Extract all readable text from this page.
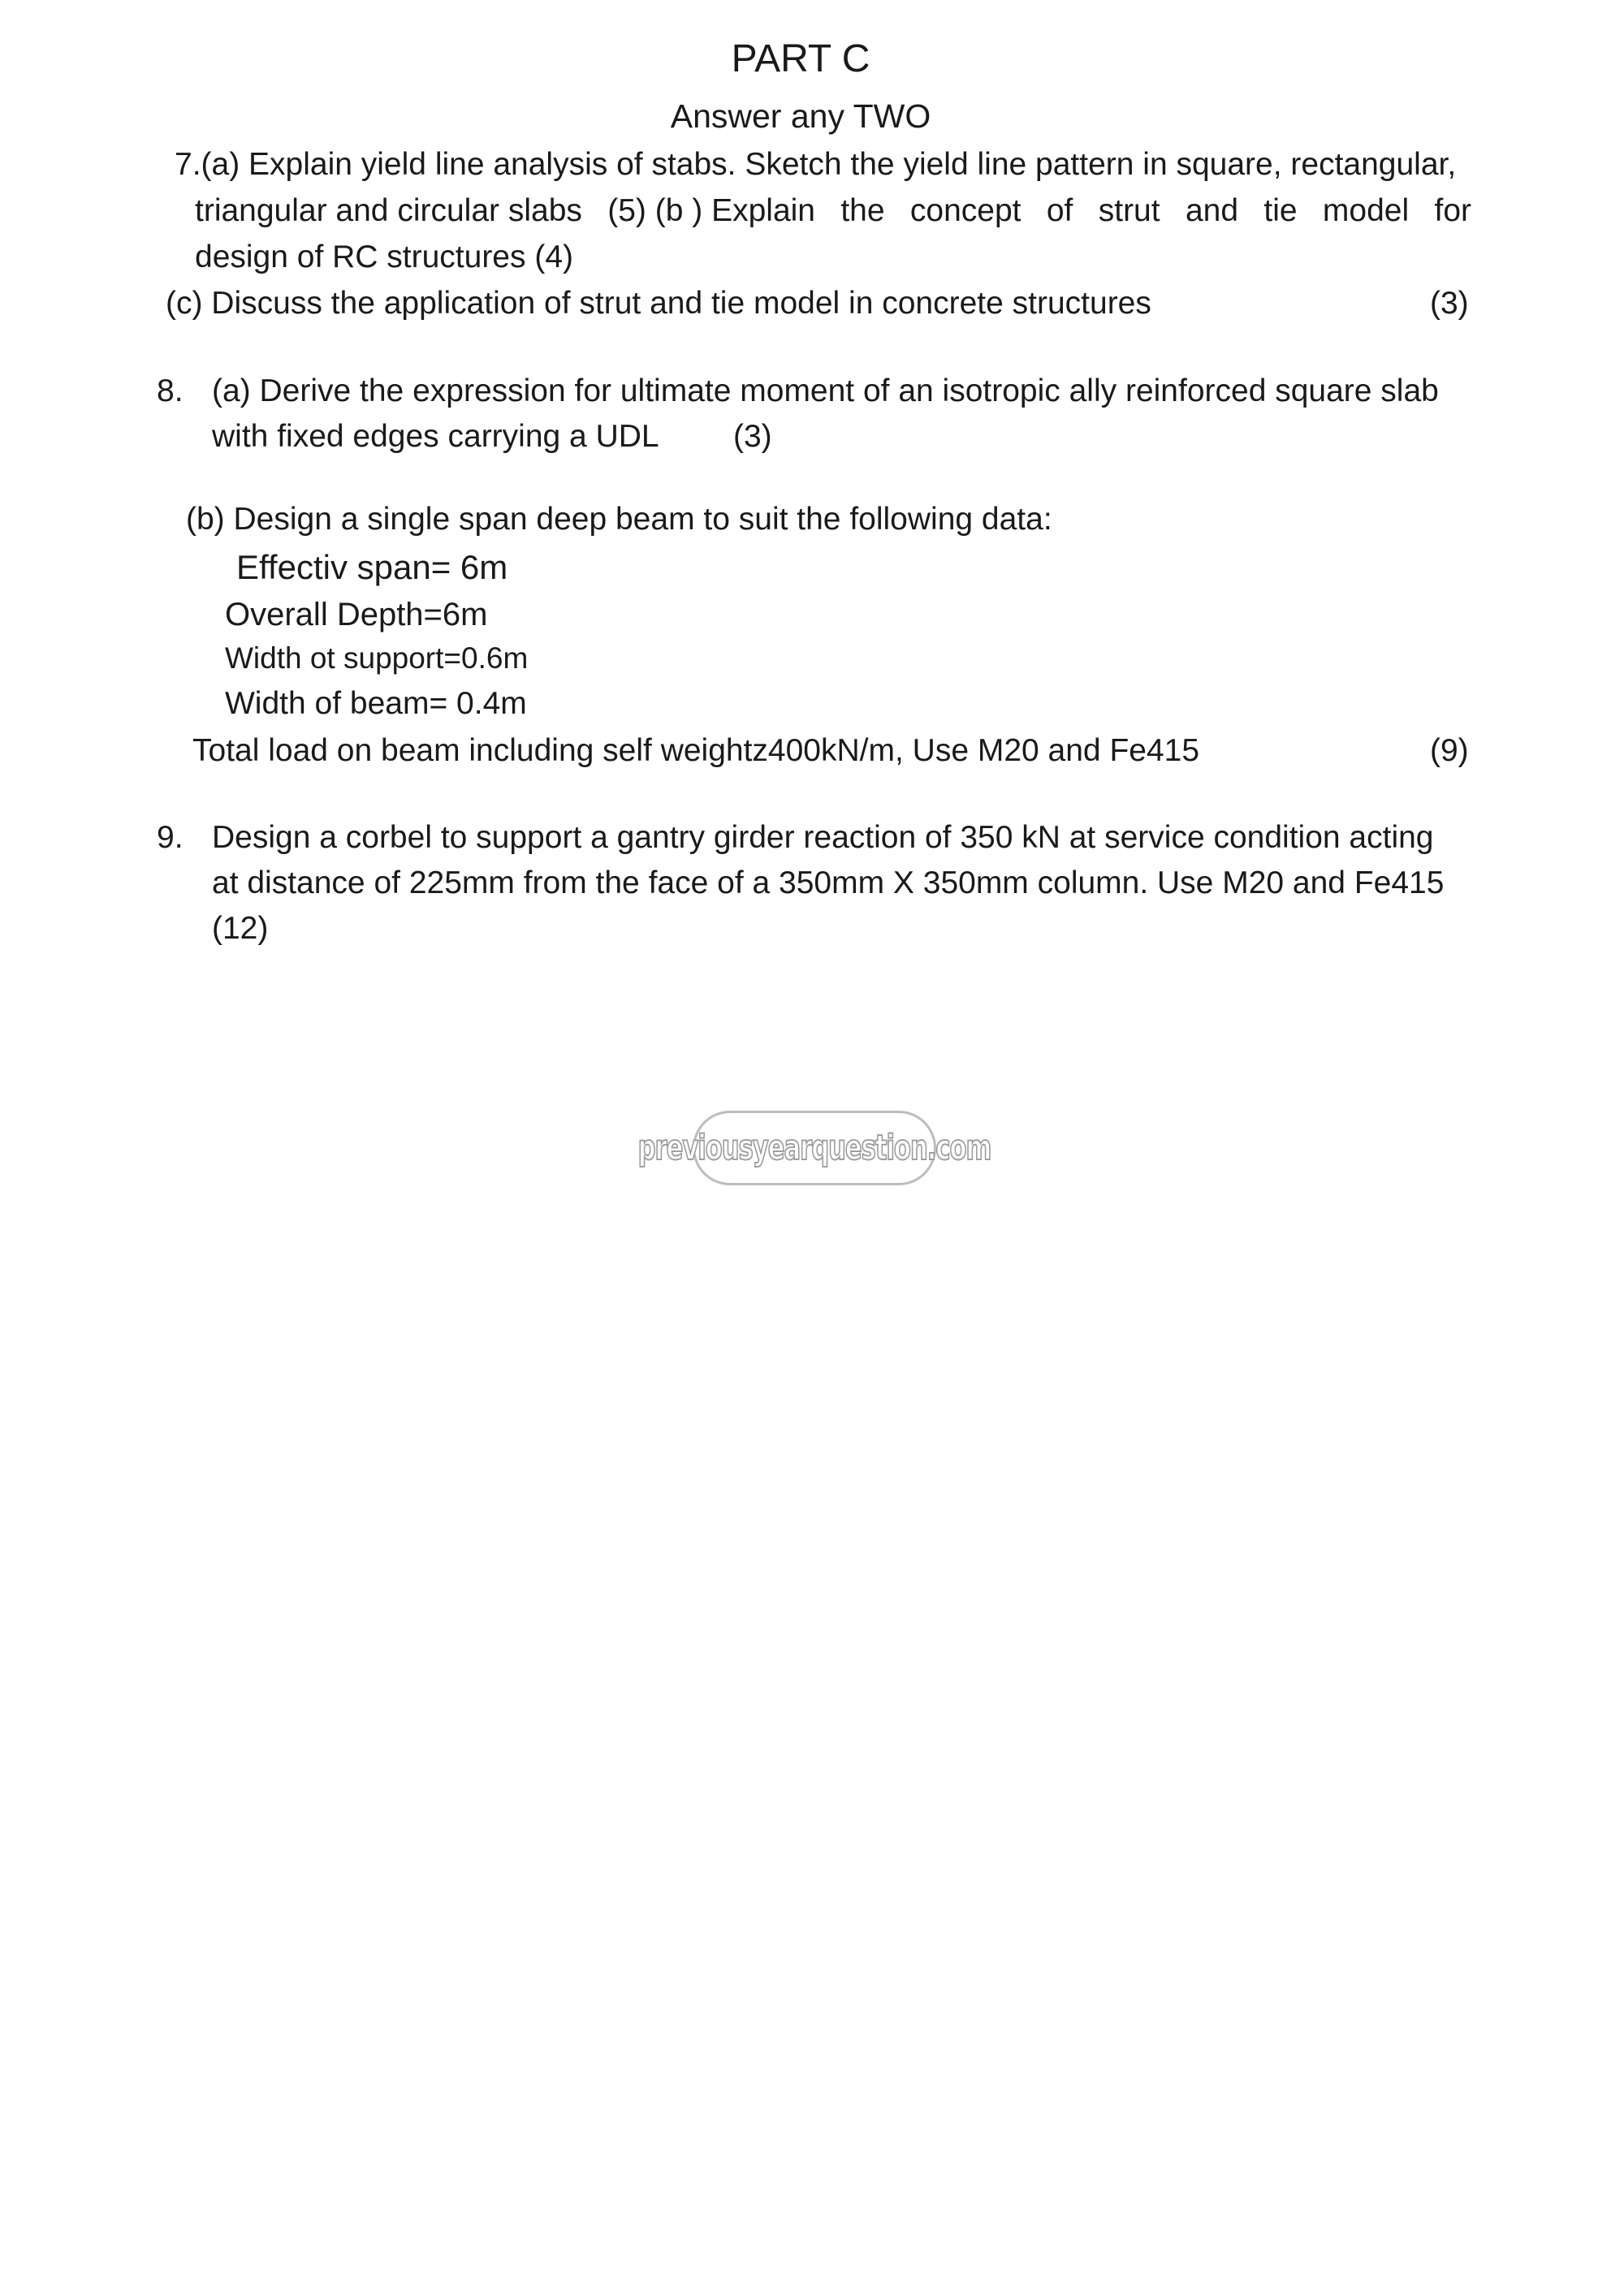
PART C
Answer any TWO
7.(a) Explain yield line analysis of stabs. Sketch the yield line pattern in square, rectangular,
triangular and circular slabs (5) (b ) Explain the concept of strut and tie model for
design of RC structures (4)
(c) Discuss the application of strut and tie model in concrete structures	(3)
8. (a) Derive the expression for ultimate moment of an isotropic ally reinforced square slab
with fixed edges carrying a UDL (3)
(b) Design a single span deep beam to suit the following data:
Effectiv span= 6m
Overall Depth=6m
Width ot support=0.6m
Width of beam= 0.4m
Total load on beam including self weightz400kN/m, Use M20 and Fe415	(9)
9. Design a corbel to support a gantry girder reaction of 350 kN at service condition acting
at distance of 225mm from the face of a 350mm X 350mm column. Use M20 and Fe415
(12)
previousyearquestion.com
